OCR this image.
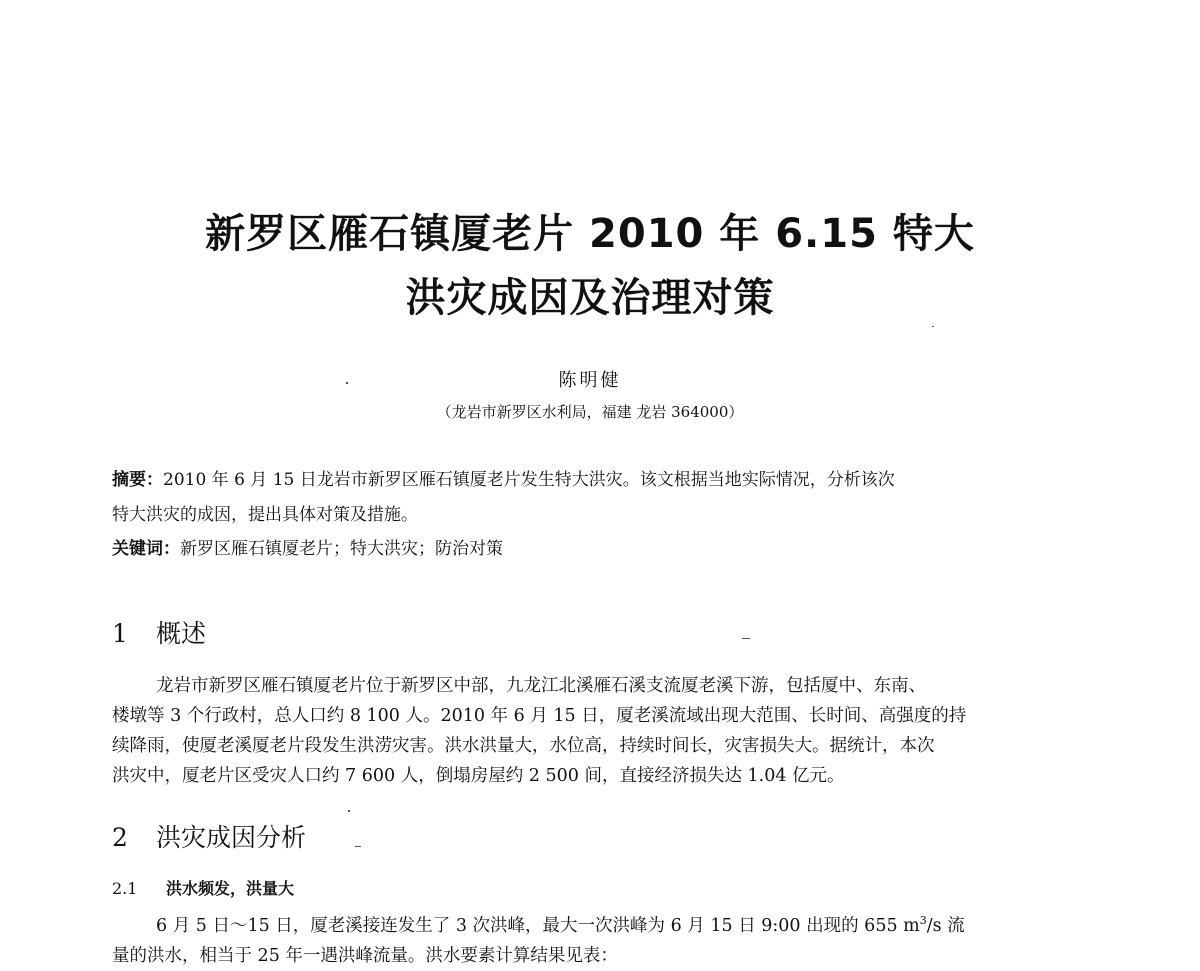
新罗区雁石镇厦老片 2010 年 6.15 特大
洪灾成因及治理对策
陈明健
（龙岩市新罗区水利局，福建 龙岩 364000）
摘要：2010 年 6 月 15 日龙岩市新罗区雁石镇厦老片发生特大洪灾。该文根据当地实际情况，分析该次
特大洪灾的成因，提出具体对策及措施。
关键词：新罗区雁石镇厦老片；特大洪灾；防治对策
1 概述
龙岩市新罗区雁石镇厦老片位于新罗区中部，九龙江北溪雁石溪支流厦老溪下游，包括厦中、东南、
楼墩等 3 个行政村，总人口约 8 100 人。2010 年 6 月 15 日，厦老溪流域出现大范围、长时间、高强度的持
续降雨，使厦老溪厦老片段发生洪涝灾害。洪水洪量大，水位高，持续时间长，灾害损失大。据统计，本次
洪灾中，厦老片区受灾人口约 7 600 人，倒塌房屋约 2 500 间，直接经济损失达 1.04 亿元。
2 洪灾成因分析
2.1 洪水频发，洪量大
6 月 5 日～15 日，厦老溪接连发生了 3 次洪峰，最大一次洪峰为 6 月 15 日 9:00 出现的 655 $m^3/s$ 流
量的洪水，相当于 25 年一遇洪峰流量。洪水要素计算结果见表：
